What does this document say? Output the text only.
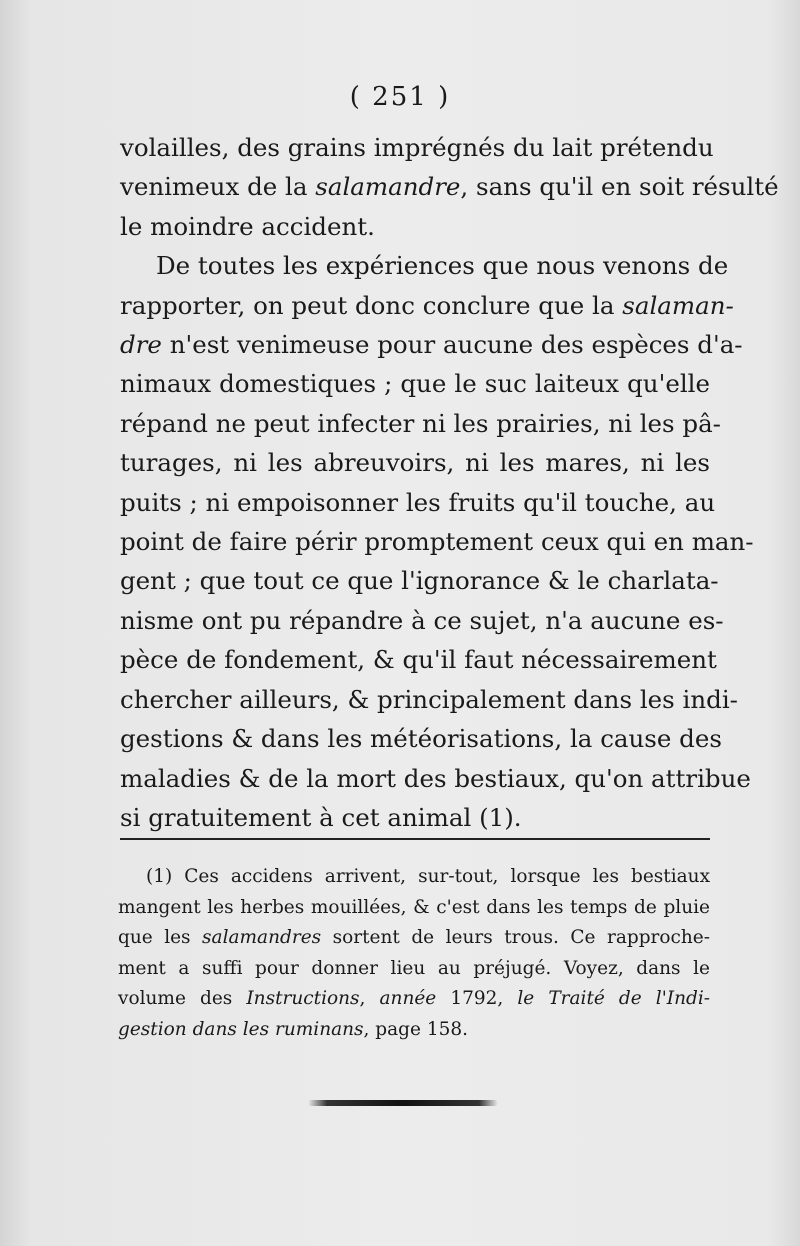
( 251 )
volailles, des grains imprégnés du lait prétendu
venimeux de la salamandre, sans qu'il en soit résulté
le moindre accident.
De toutes les expériences que nous venons de
rapporter, on peut donc conclure que la salaman-
dre n'est venimeuse pour aucune des espèces d'a-
nimaux domestiques ; que le suc laiteux qu'elle
répand ne peut infecter ni les prairies, ni les pâ-
turages, ni les abreuvoirs, ni les mares, ni les
puits ; ni empoisonner les fruits qu'il touche, au
point de faire périr promptement ceux qui en man-
gent ; que tout ce que l'ignorance & le charlata-
nisme ont pu répandre à ce sujet, n'a aucune es-
pèce de fondement, & qu'il faut nécessairement
chercher ailleurs, & principalement dans les indi-
gestions & dans les météorisations, la cause des
maladies & de la mort des bestiaux, qu'on attribue
si gratuitement à cet animal (1).
(1) Ces accidens arrivent, sur-tout, lorsque les bestiaux
mangent les herbes mouillées, & c'est dans les temps de pluie
que les salamandres sortent de leurs trous. Ce rapproche-
ment a suffi pour donner lieu au préjugé. Voyez, dans le
volume des Instructions, année 1792, le Traité de l'Indi-
gestion dans les ruminans, page 158.
